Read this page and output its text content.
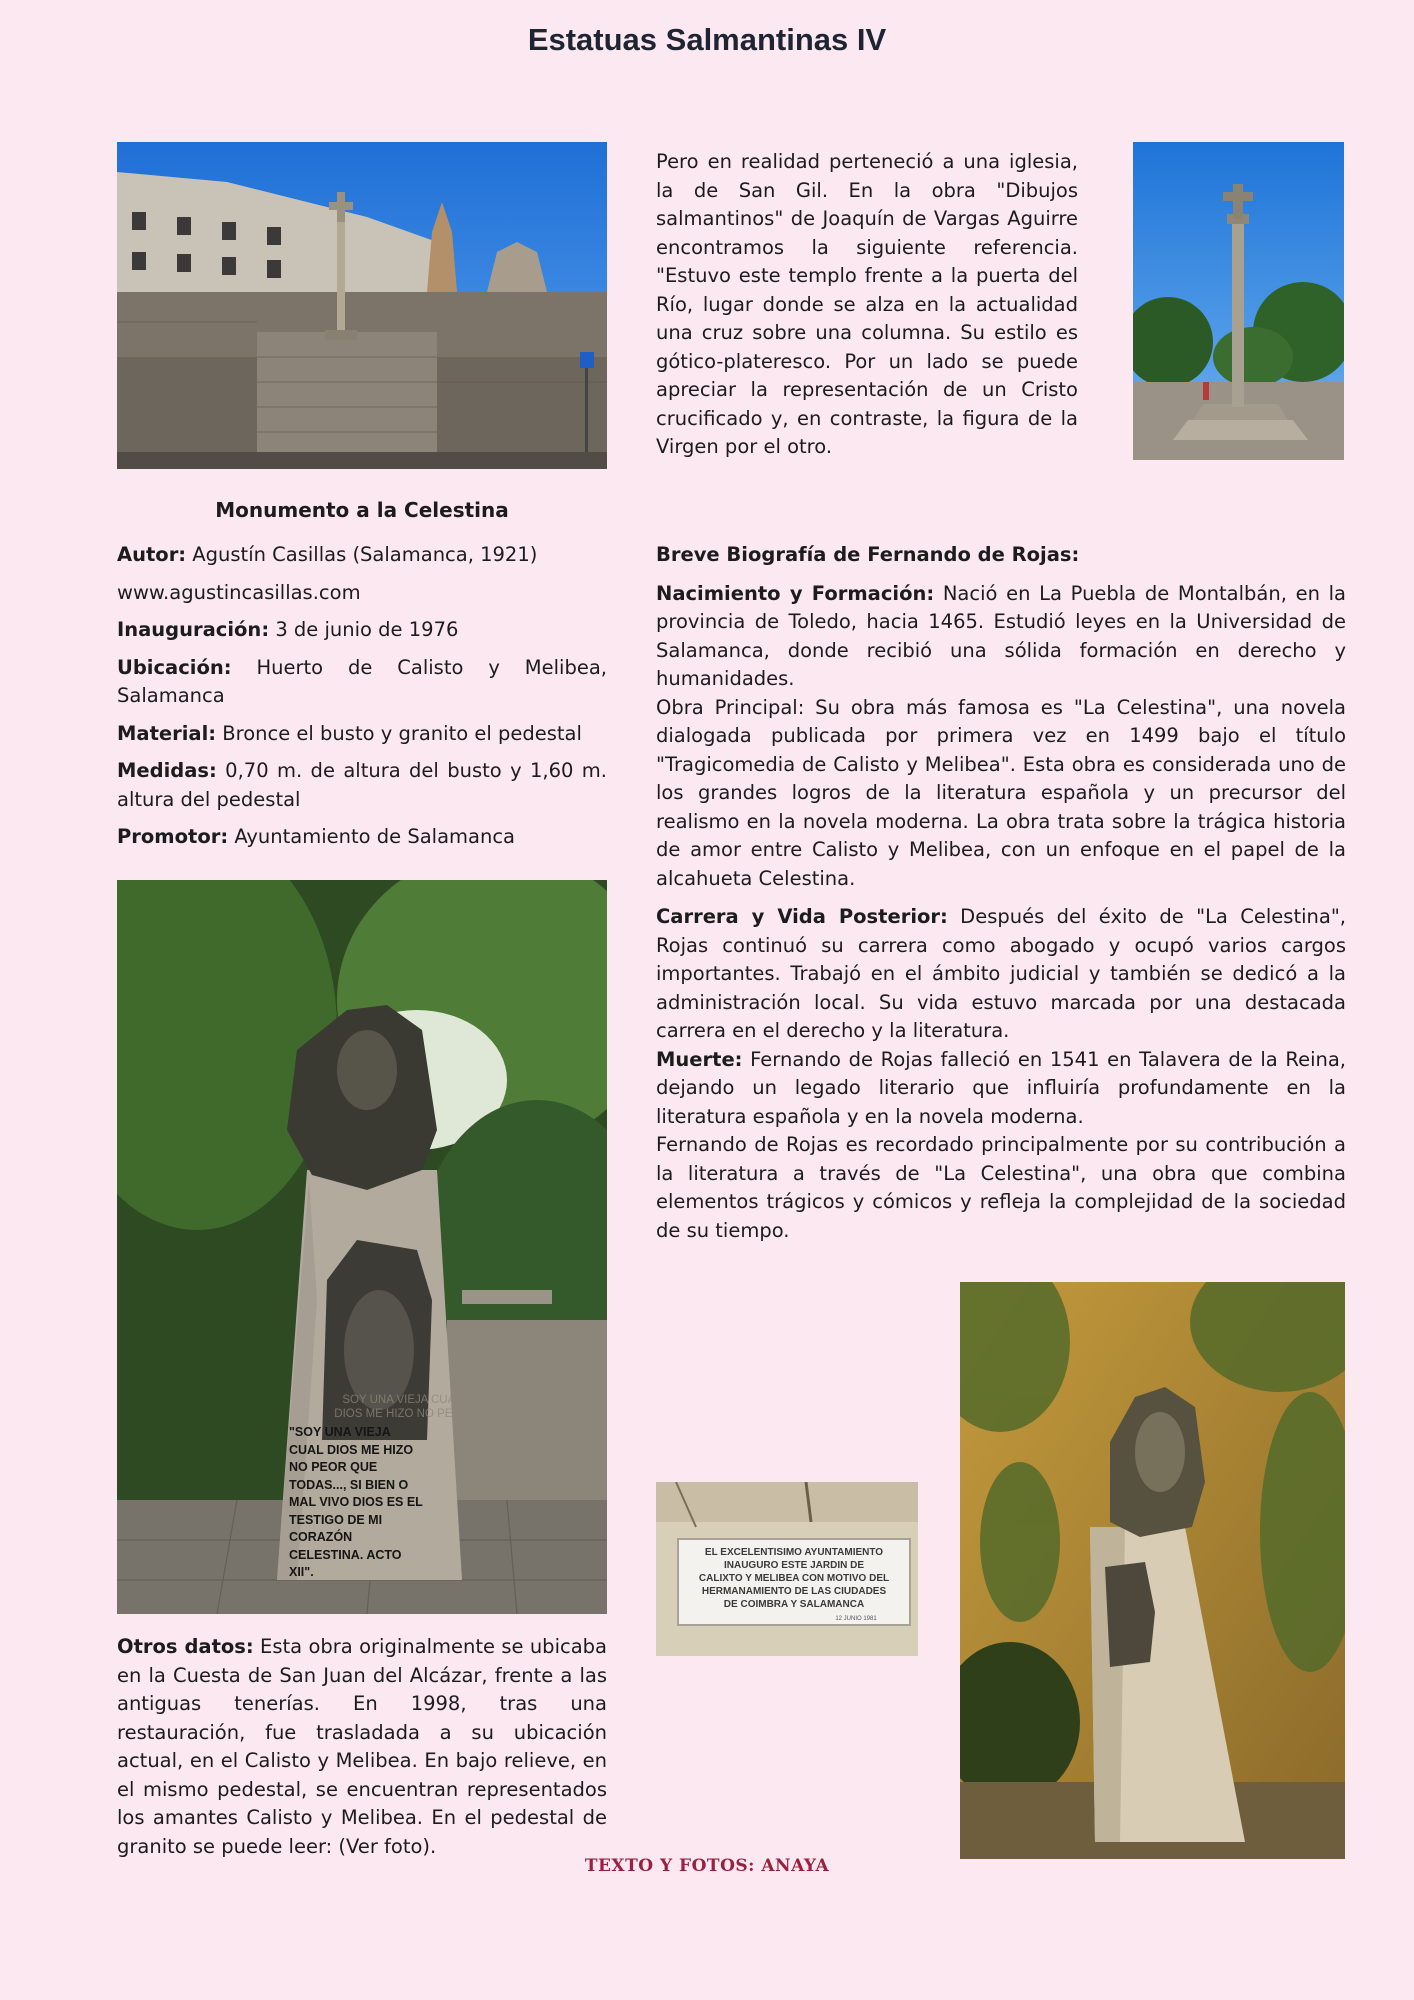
Estatuas Salmantinas IV

Pero en realidad perteneció a una iglesia, la de San Gil. En la obra "Dibujos salmantinos" de Joaquín de Vargas Aguirre encontramos la siguiente referencia. "Estuvo este templo frente a la puerta del Río, lugar donde se alza en la actualidad una cruz sobre una columna. Su estilo es gótico-plateresco. Por un lado se puede apreciar la representación de un Cristo crucificado y, en contraste, la figura de la Virgen por el otro.

Monumento a la Celestina

Autor: Agustín Casillas (Salamanca, 1921)

www.agustincasillas.com

Inauguración: 3 de junio de 1976

Ubicación: Huerto de Calisto y Melibea, Salamanca

Material: Bronce el busto y granito el pedestal

Medidas: 0,70 m. de altura del busto y 1,60 m. altura del pedestal

Promotor: Ayuntamiento de Salamanca

SOY UNA VIEJA CUAL
DIOS ME HIZO NO PEOR
"SOY UNA VIEJA CUAL DIOS ME HIZO NO PEOR QUE TODAS..., SI BIEN O MAL VIVO DIOS ES EL TESTIGO DE MI CORAZÓN CELESTINA. ACTO XII".

Otros datos: Esta obra originalmente se ubicaba en la Cuesta de San Juan del Alcázar, frente a las antiguas tenerías. En 1998, tras una restauración, fue trasladada a su ubicación actual, en el Calisto y Melibea. En bajo relieve, en el mismo pedestal, se encuentran representados los amantes Calisto y Melibea. En el pedestal de granito se puede leer: (Ver foto).

Breve Biografía de Fernando de Rojas:

Nacimiento y Formación: Nació en La Puebla de Montalbán, en la provincia de Toledo, hacia 1465. Estudió leyes en la Universidad de Salamanca, donde recibió una sólida formación en derecho y humanidades.

Obra Principal: Su obra más famosa es "La Celestina", una novela dialogada publicada por primera vez en 1499 bajo el título "Tragicomedia de Calisto y Melibea". Esta obra es considerada uno de los grandes logros de la literatura española y un precursor del realismo en la novela moderna. La obra trata sobre la trágica historia de amor entre Calisto y Melibea, con un enfoque en el papel de la alcahueta Celestina.

Carrera y Vida Posterior: Después del éxito de "La Celestina", Rojas continuó su carrera como abogado y ocupó varios cargos importantes. Trabajó en el ámbito judicial y también se dedicó a la administración local. Su vida estuvo marcada por una destacada carrera en el derecho y la literatura.

Muerte: Fernando de Rojas falleció en 1541 en Talavera de la Reina, dejando un legado literario que influiría profundamente en la literatura española y en la novela moderna.

Fernando de Rojas es recordado principalmente por su contribución a la literatura a través de "La Celestina", una obra que combina elementos trágicos y cómicos y refleja la complejidad de la sociedad de su tiempo.

EL EXCELENTISIMO AYUNTAMIENTO
INAUGURO ESTE JARDIN DE
CALIXTO Y MELIBEA CON MOTIVO DEL
HERMANAMIENTO DE LAS CIUDADES
DE COIMBRA Y SALAMANCA
12 JUNIO 1981
TEXTO Y FOTOS: ANAYA
